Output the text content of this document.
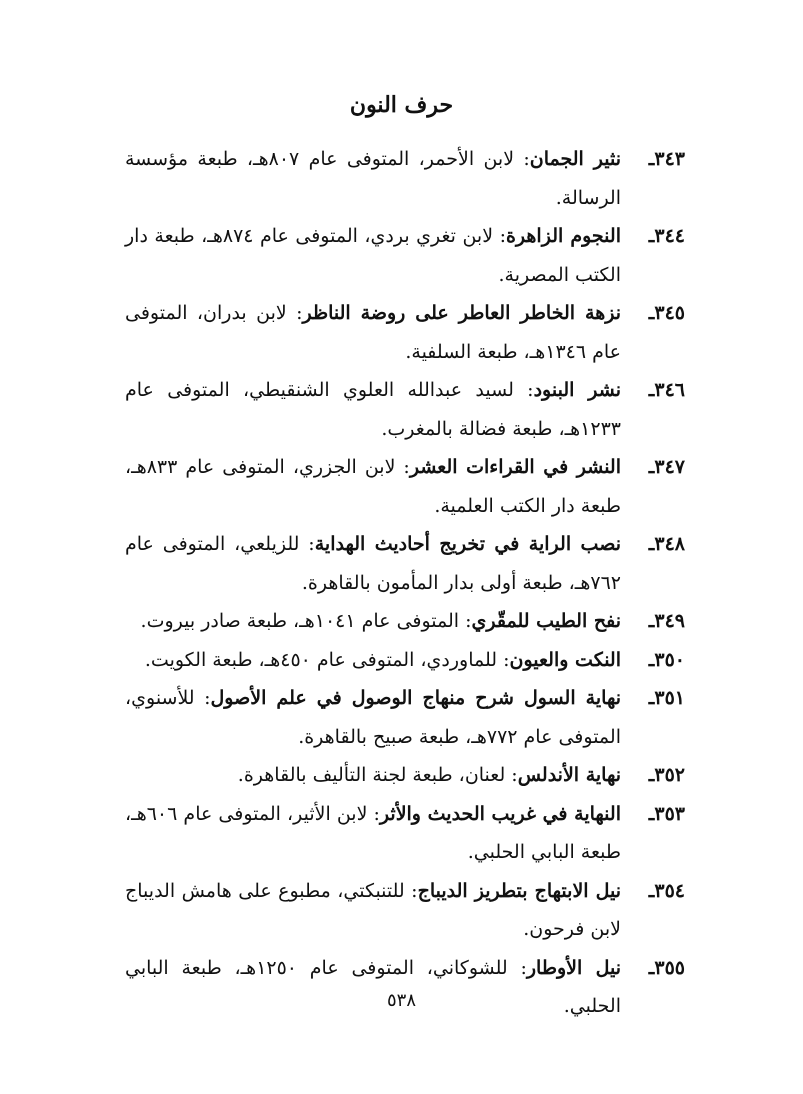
حرف النون
٣٤٣ـنثير الجمان: لابن الأحمر، المتوفى عام ٨٠٧هـ، طبعة مؤسسة الرسالة.
٣٤٤ـالنجوم الزاهرة: لابن تغري بردي، المتوفى عام ٨٧٤هـ، طبعة دار الكتب المصرية.
٣٤٥ـنزهة الخاطر العاطر على روضة الناظر: لابن بدران، المتوفى عام ١٣٤٦هـ، طبعة السلفية.
٣٤٦ـنشر البنود: لسيد عبدالله العلوي الشنقيطي، المتوفى عام ١٢٣٣هـ، طبعة فضالة بالمغرب.
٣٤٧ـالنشر في القراءات العشر: لابن الجزري، المتوفى عام ٨٣٣هـ، طبعة دار الكتب العلمية.
٣٤٨ـنصب الراية في تخريج أحاديث الهداية: للزيلعي، المتوفى عام ٧٦٢هـ، طبعة أولى بدار المأمون بالقاهرة.
٣٤٩ـنفح الطيب للمقّري: المتوفى عام ١٠٤١هـ، طبعة صادر بيروت.
٣٥٠ـالنكت والعيون: للماوردي، المتوفى عام ٤٥٠هـ، طبعة الكويت.
٣٥١ـنهاية السول شرح منهاج الوصول في علم الأصول: للأسنوي، المتوفى عام ٧٧٢هـ، طبعة صبيح بالقاهرة.
٣٥٢ـنهاية الأندلس: لعنان، طبعة لجنة التأليف بالقاهرة.
٣٥٣ـالنهاية في غريب الحديث والأثر: لابن الأثير، المتوفى عام ٦٠٦هـ، طبعة البابي الحلبي.
٣٥٤ـنيل الابتهاج بتطريز الديباج: للتنبكتي، مطبوع على هامش الديباج لابن فرحون.
٣٥٥ـنيل الأوطار: للشوكاني، المتوفى عام ١٢٥٠هـ، طبعة البابي الحلبي.
٥٣٨
